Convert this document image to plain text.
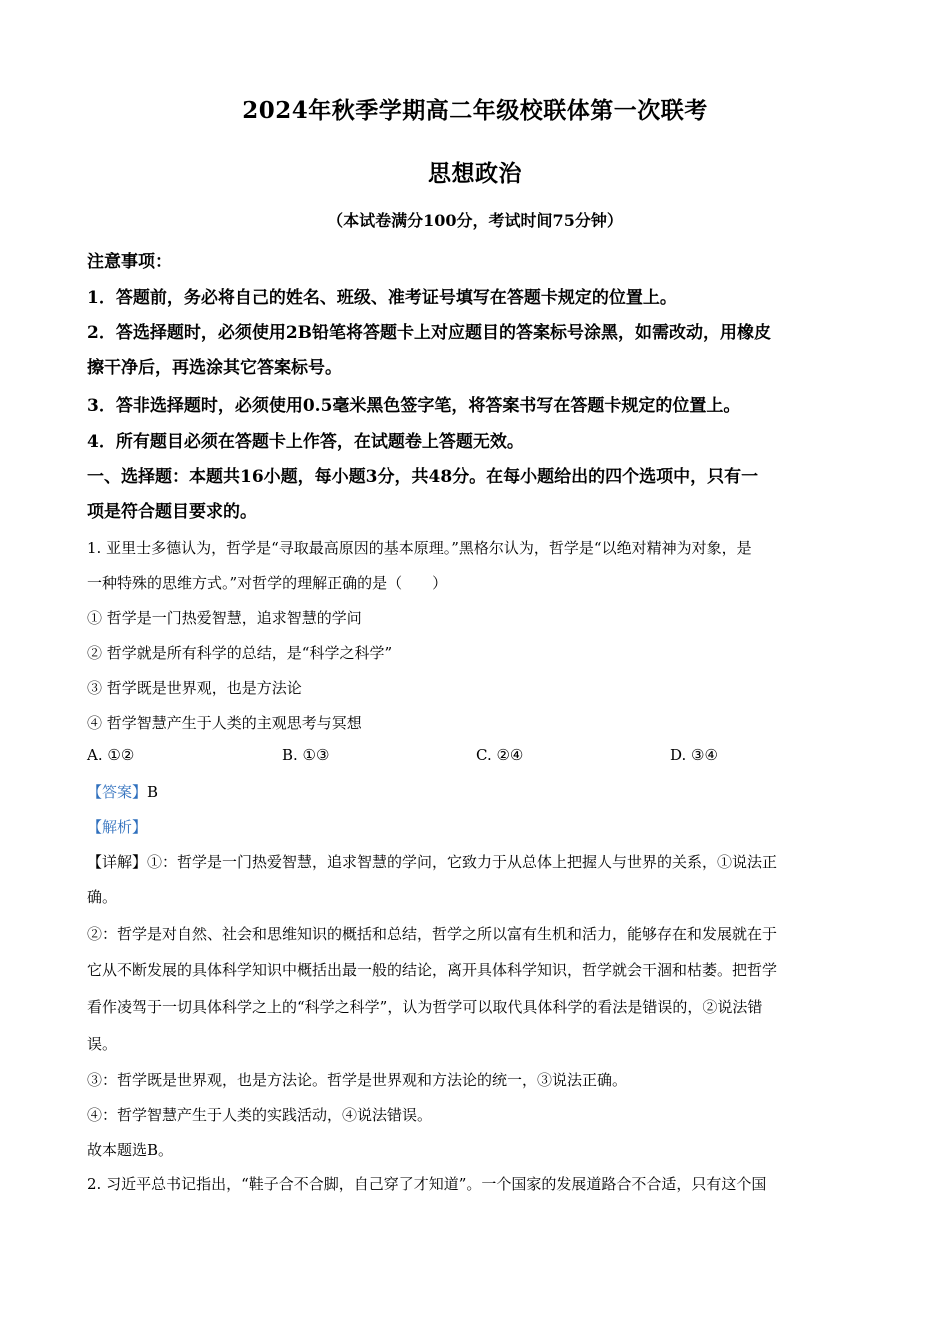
2024年秋季学期高二年级校联体第一次联考
思想政治
（本试卷满分100分，考试时间75分钟）
注意事项：
1．答题前，务必将自己的姓名、班级、准考证号填写在答题卡规定的位置上。
2．答选择题时，必须使用2B铅笔将答题卡上对应题目的答案标号涂黑，如需改动，用橡皮
擦干净后，再选涂其它答案标号。
3．答非选择题时，必须使用0.5毫米黑色签字笔，将答案书写在答题卡规定的位置上。
4．所有题目必须在答题卡上作答，在试题卷上答题无效。
一、选择题：本题共16小题，每小题3分，共48分。在每小题给出的四个选项中，只有一
项是符合题目要求的。
1. 亚里士多德认为，哲学是“寻取最高原因的基本原理。”黑格尔认为，哲学是“以绝对精神为对象，是
一种特殊的思维方式。”对哲学的理解正确的是（　　）
① 哲学是一门热爱智慧，追求智慧的学问
② 哲学就是所有科学的总结，是“科学之科学”
③ 哲学既是世界观，也是方法论
④ 哲学智慧产生于人类的主观思考与冥想
A. ①②	B. ①③	C. ②④	D. ③④
【答案】B
【解析】
【详解】①：哲学是一门热爱智慧，追求智慧的学问，它致力于从总体上把握人与世界的关系，①说法正
确。
②：哲学是对自然、社会和思维知识的概括和总结，哲学之所以富有生机和活力，能够存在和发展就在于
它从不断发展的具体科学知识中概括出最一般的结论，离开具体科学知识，哲学就会干涸和枯萎。把哲学
看作凌驾于一切具体科学之上的“科学之科学”，认为哲学可以取代具体科学的看法是错误的，②说法错
误。
③：哲学既是世界观，也是方法论。哲学是世界观和方法论的统一，③说法正确。
④：哲学智慧产生于人类的实践活动，④说法错误。
故本题选B。
2. 习近平总书记指出，“鞋子合不合脚，自己穿了才知道”。一个国家的发展道路合不合适，只有这个国
